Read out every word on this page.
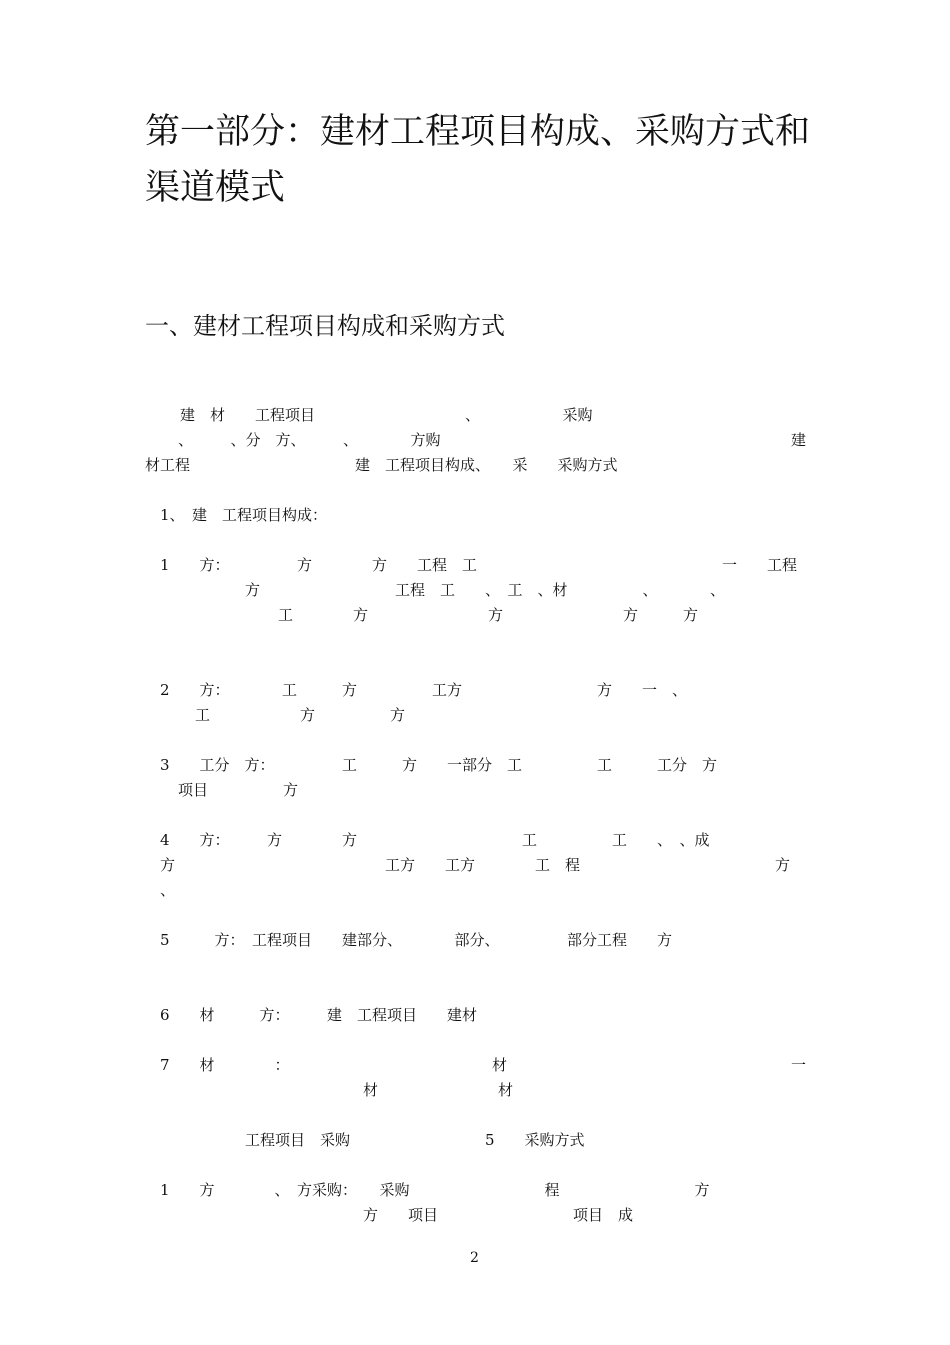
第一部分：建材工程项目构成、采购方式和渠道模式
一、建材工程项目构成和采购方式
建　材　　工程项目　　　　　　　　　　、　　　　　　采购
、　　　、分　方、　　　、　　　　方购	建
材工程　　　　　　　　　　　建　工程项目构成、　　采　　采购方式
1、　建　工程项目构成：
1　　方：　　　　　方　　　　方　　工程　工	一　　工程
方　　　　　　　　　工程　工　　、　工　、材　　　　　、　　　　、
工　　　　方　　　　　　　　方　　　　　　　　方　　　方
2　　方：　　　　工　　　方　　　　　工方　　　　　　　　　方　　一　、
工　　　　　　方　　　　　方
3　　工分　方：　　　　　工　　　方　　一部分　工　　　　　工　　　工分　方
项目　　　　　方
4　　方：　　　方　　　　方　　　　　　　　　　　工　　　　　工　　、　、成
方　　　　　　　　　　　　　　工方　　工方　　　　工　程	方
、
5　　　方：　工程项目　　建部分、　　　　部分、　　　　　部分工程　　方
6　　材　　　方：　　　建　工程项目　　建材
7　　材　　　　：　　　　　　　　　　　　　　材	一
材　　　　　　　　材
工程项目　采购　　　　　　　　　5　　采购方式
1　　方　　　　、　方采购：　　采购　　　　　　　　　程　　　　　　　　　方
方　　项目　　　　　　　　　项目　成
2
